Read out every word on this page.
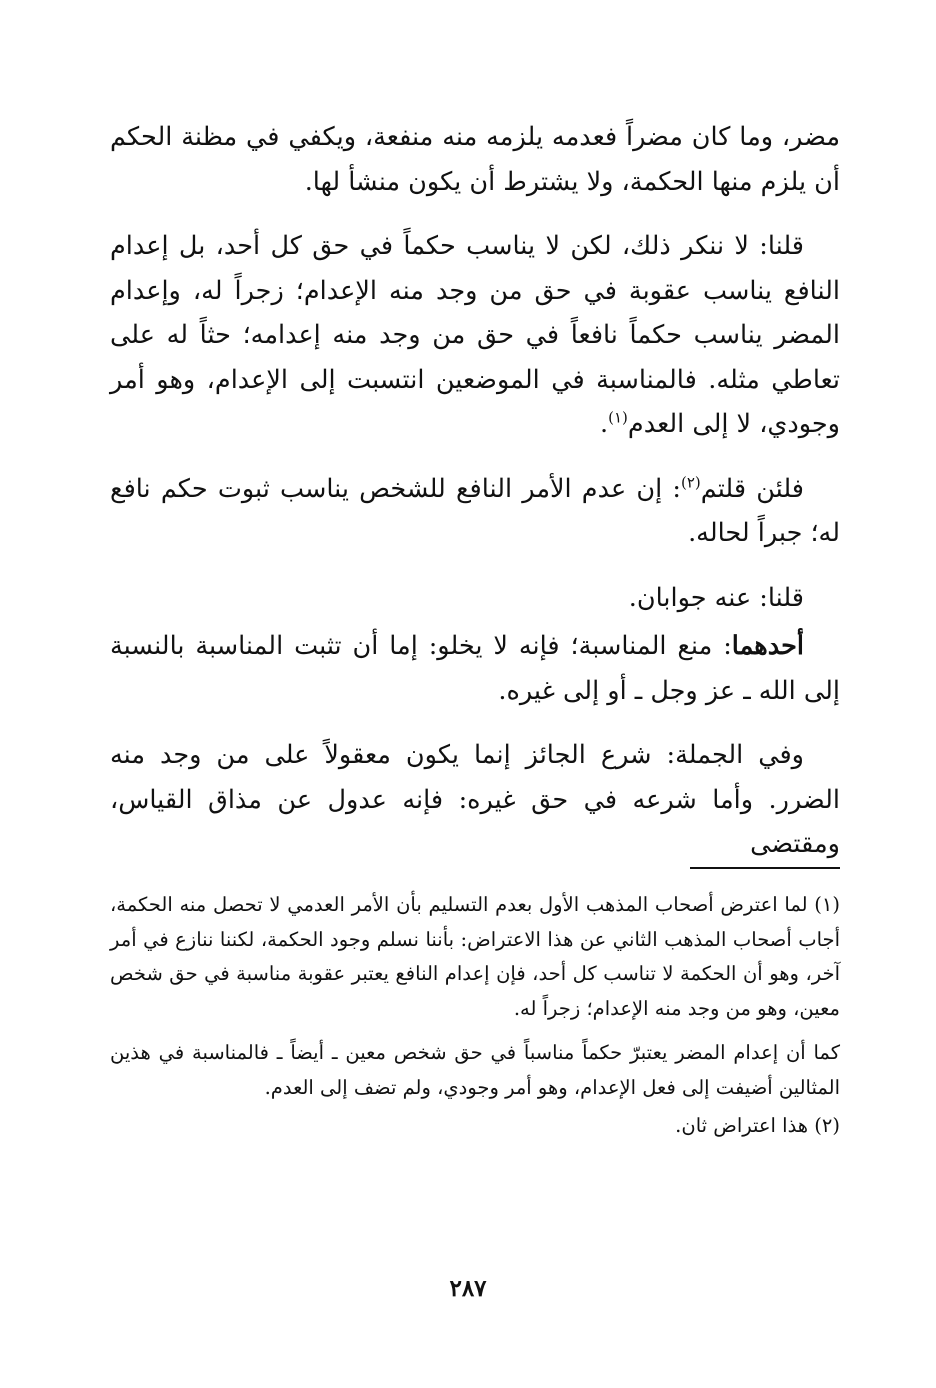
مضر، وما كان مضراً فعدمه يلزمه منه منفعة، ويكفي في مظنة الحكم أن يلزم منها الحكمة، ولا يشترط أن يكون منشأ لها.

قلنا: لا ننكر ذلك، لكن لا يناسب حكماً في حق كل أحد، بل إعدام النافع يناسب عقوبة في حق من وجد منه الإعدام؛ زجراً له، وإعدام المضر يناسب حكماً نافعاً في حق من وجد منه إعدامه؛ حثاً له على تعاطي مثله. فالمناسبة في الموضعين انتسبت إلى الإعدام، وهو أمر وجودي، لا إلى العدم$^{(١)}$.

فلئن قلتم$^{(٢)}$: إن عدم الأمر النافع للشخص يناسب ثبوت حكم نافع له؛ جبراً لحاله.

قلنا: عنه جوابان.

أحدهما: منع المناسبة؛ فإنه لا يخلو: إما أن تثبت المناسبة بالنسبة إلى الله ـ عز وجل ـ أو إلى غيره.

وفي الجملة: شرع الجائز إنما يكون معقولاً على من وجد منه الضرر. وأما شرعه في حق غيره: فإنه عدول عن مذاق القياس، ومقتضى

(١) لما اعترض أصحاب المذهب الأول بعدم التسليم بأن الأمر العدمي لا تحصل منه الحكمة، أجاب أصحاب المذهب الثاني عن هذا الاعتراض: بأننا نسلم وجود الحكمة، لكننا ننازع في أمر آخر، وهو أن الحكمة لا تناسب كل أحد، فإن إعدام النافع يعتبر عقوبة مناسبة في حق شخص معين، وهو من وجد منه الإعدام؛ زجراً له.

كما أن إعدام المضر يعتبرّ حكماً مناسباً في حق شخص معين ـ أيضاً ـ فالمناسبة في هذين المثالين أضيفت إلى فعل الإعدام، وهو أمر وجودي، ولم تضف إلى العدم.

(٢) هذا اعتراض ثان.

٢٨٧
